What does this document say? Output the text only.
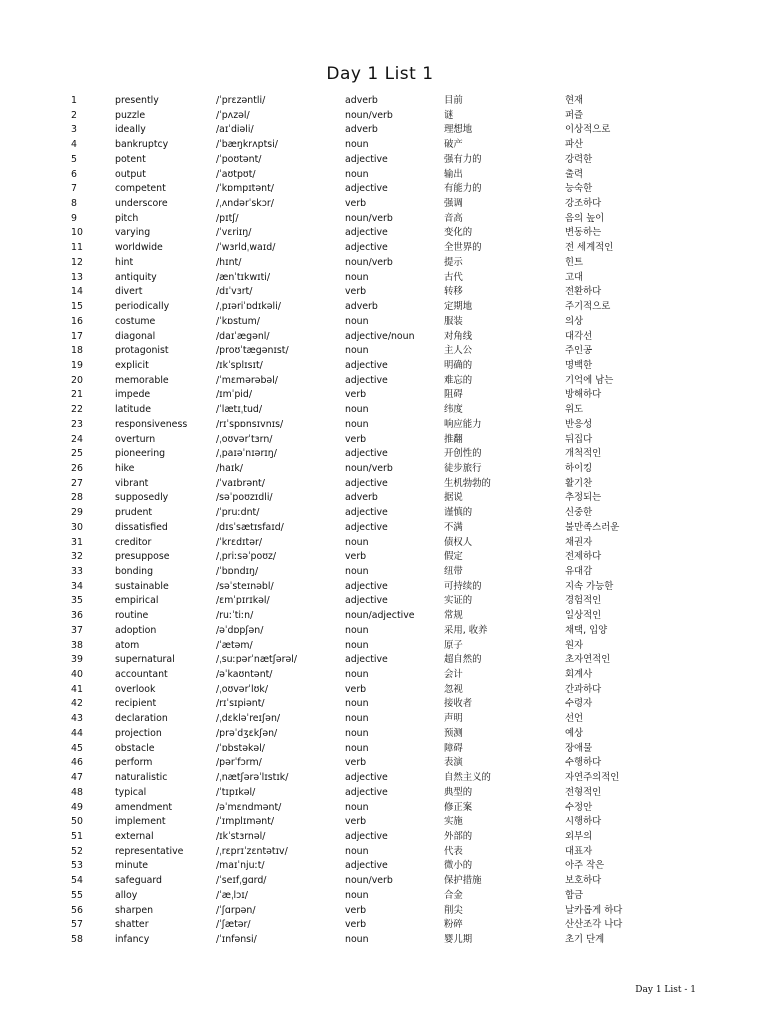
Day 1 List 1
1	presently	/ˈprɛzəntli/	adverb	目前	현재
2	puzzle	/ˈpʌzəl/	noun/verb	谜	퍼즐
3	ideally	/aɪˈdiəli/	adverb	理想地	이상적으로
4	bankruptcy	/ˈbæŋkrʌptsi/	noun	破产	파산
5	potent	/ˈpoʊtənt/	adjective	强有力的	강력한
6	output	/ˈaʊtpʊt/	noun	输出	출력
7	competent	/ˈkɒmpɪtənt/	adjective	有能力的	능숙한
8	underscore	/ˌʌndərˈskɔr/	verb	强调	강조하다
9	pitch	/pɪtʃ/	noun/verb	音高	음의 높이
10	varying	/ˈvɛriɪŋ/	adjective	变化的	변동하는
11	worldwide	/ˈwɜrldˌwaɪd/	adjective	全世界的	전 세계적인
12	hint	/hɪnt/	noun/verb	提示	힌트
13	antiquity	/ænˈtɪkwɪti/	noun	古代	고대
14	divert	/dɪˈvɜrt/	verb	转移	전환하다
15	periodically	/ˌpɪəriˈɒdɪkəli/	adverb	定期地	주기적으로
16	costume	/ˈkɒstum/	noun	服装	의상
17	diagonal	/daɪˈægənl/	adjective/noun	对角线	대각선
18	protagonist	/proʊˈtægənɪst/	noun	主人公	주인공
19	explicit	/ɪkˈsplɪsɪt/	adjective	明确的	명백한
20	memorable	/ˈmɛmərəbəl/	adjective	难忘的	기억에 남는
21	impede	/ɪmˈpid/	verb	阻碍	방해하다
22	latitude	/ˈlætɪˌtud/	noun	纬度	위도
23	responsiveness	/rɪˈspɒnsɪvnɪs/	noun	响应能力	반응성
24	overturn	/ˌoʊvərˈtɜrn/	verb	推翻	뒤집다
25	pioneering	/ˌpaɪəˈnɪərɪŋ/	adjective	开创性的	개척적인
26	hike	/haɪk/	noun/verb	徒步旅行	하이킹
27	vibrant	/ˈvaɪbrənt/	adjective	生机勃勃的	활기찬
28	supposedly	/səˈpoʊzɪdli/	adverb	据说	추정되는
29	prudent	/ˈpruːdnt/	adjective	谨慎的	신중한
30	dissatisfied	/dɪsˈsætɪsfaɪd/	adjective	不满	불만족스러운
31	creditor	/ˈkrɛdɪtər/	noun	债权人	채권자
32	presuppose	/ˌpriːsəˈpoʊz/	verb	假定	전제하다
33	bonding	/ˈbɒndɪŋ/	noun	纽带	유대감
34	sustainable	/səˈsteɪnəbl/	adjective	可持续的	지속 가능한
35	empirical	/ɛmˈpɪrɪkəl/	adjective	实证的	경험적인
36	routine	/ruːˈtiːn/	noun/adjective	常规	일상적인
37	adoption	/əˈdɒpʃən/	noun	采用, 收养	채택, 입양
38	atom	/ˈætəm/	noun	原子	원자
39	supernatural	/ˌsuːpərˈnætʃərəl/	adjective	超自然的	초자연적인
40	accountant	/əˈkaʊntənt/	noun	会计	회계사
41	overlook	/ˌoʊvərˈlʊk/	verb	忽视	간과하다
42	recipient	/rɪˈsɪpiənt/	noun	接收者	수령자
43	declaration	/ˌdɛkləˈreɪʃən/	noun	声明	선언
44	projection	/prəˈdʒɛkʃən/	noun	预测	예상
45	obstacle	/ˈɒbstəkəl/	noun	障碍	장애물
46	perform	/pərˈfɔrm/	verb	表演	수행하다
47	naturalistic	/ˌnætʃərəˈlɪstɪk/	adjective	自然主义的	자연주의적인
48	typical	/ˈtɪpɪkəl/	adjective	典型的	전형적인
49	amendment	/əˈmɛndmənt/	noun	修正案	수정안
50	implement	/ˈɪmplɪmənt/	verb	实施	시행하다
51	external	/ɪkˈstɜrnəl/	adjective	外部的	외부의
52	representative	/ˌrɛprɪˈzɛntətɪv/	noun	代表	대표자
53	minute	/maɪˈnjuːt/	adjective	微小的	아주 작은
54	safeguard	/ˈseɪfˌgɑrd/	noun/verb	保护措施	보호하다
55	alloy	/ˈæˌlɔɪ/	noun	合金	합금
56	sharpen	/ˈʃɑrpən/	verb	削尖	날카롭게 하다
57	shatter	/ˈʃætər/	verb	粉碎	산산조각 나다
58	infancy	/ˈɪnfənsi/	noun	婴儿期	초기 단계
Day 1 List - 1
